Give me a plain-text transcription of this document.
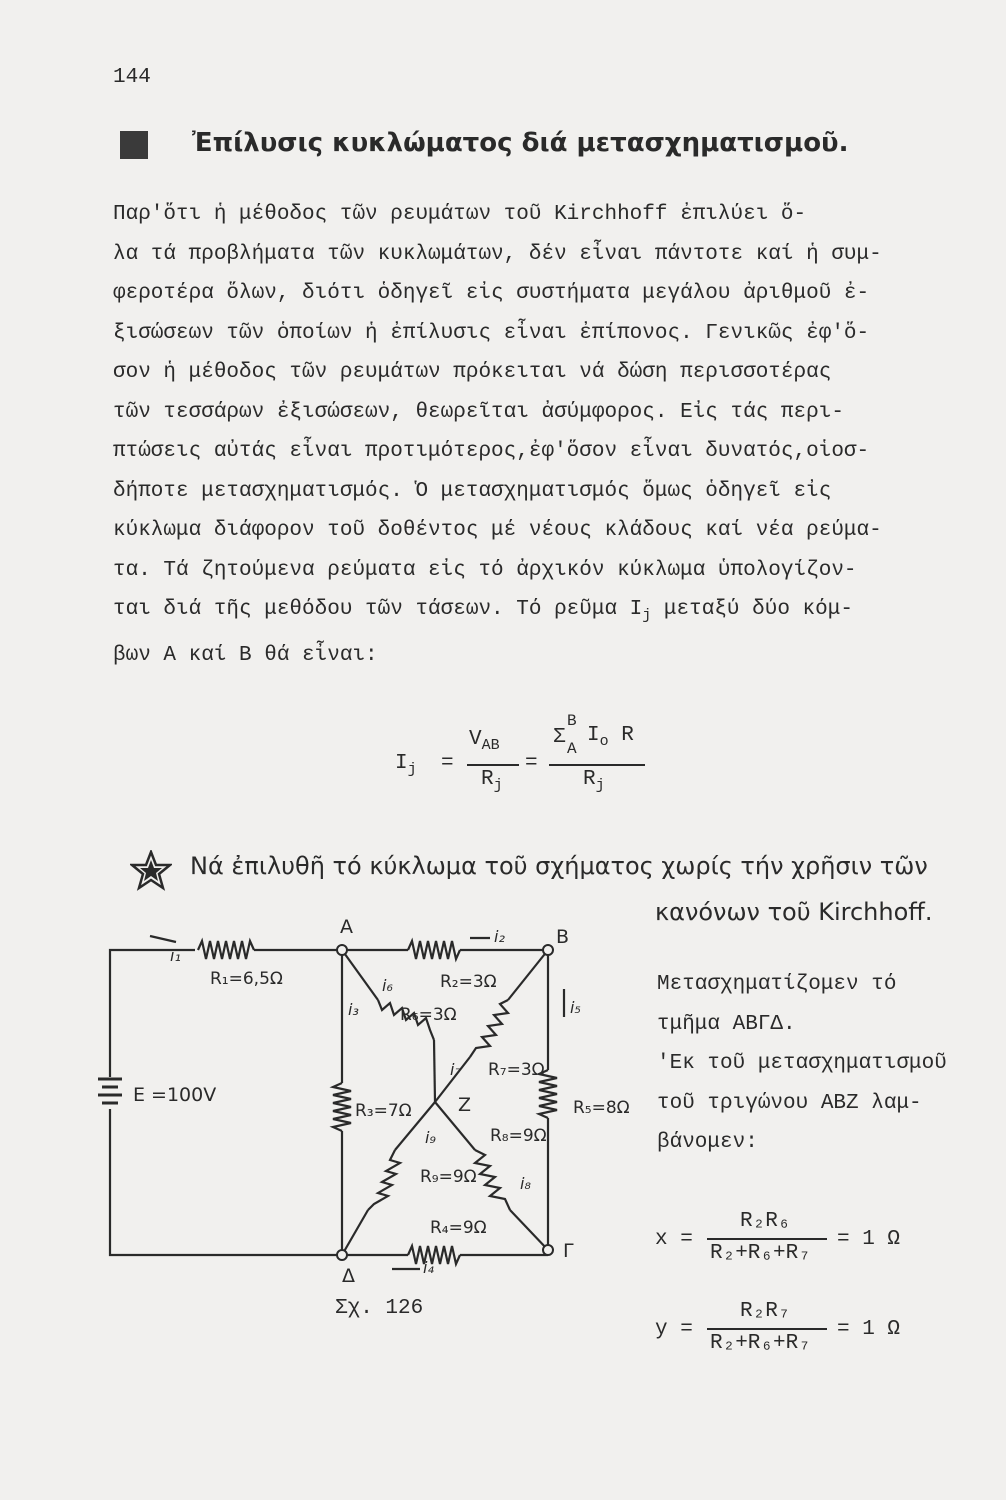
144
Ἐπίλυσις κυκλώματος διά μετασχηματισμοῦ.

Παρ'ὅτι ἡ μέθοδος τῶν ρευμάτων τοῦ Kirchhoff ἐπιλύει ὅ-
λα τά προβλήματα τῶν κυκλωμάτων, δέν εἶναι πάντοτε καί ἡ συμ-
φεροτέρα ὅλων, διότι ὁδηγεῖ εἰς συστήματα μεγάλου ἀριθμοῦ ἐ-
ξισώσεων τῶν ὁποίων ἡ ἐπίλυσις εἶναι ἐπίπονος. Γενικῶς ἐφ'ὅ-
σον ἡ μέθοδος τῶν ρευμάτων πρόκειται νά δώση περισσοτέρας
τῶν τεσσάρων ἐξισώσεων, θεωρεῖται ἀσύμφορος. Εἰς τάς περι-
πτώσεις αὐτάς εἶναι προτιμότερος,ἐφ'ὅσον εἶναι δυνατός,οἱοσ-
δήποτε μετασχηματισμός. Ὁ μετασχηματισμός ὅμως ὁδηγεῖ εἰς
κύκλωμα διάφορον τοῦ δοθέντος μέ νέους κλάδους καί νέα ρεύμα-
τα. Τά ζητούμενα ρεύματα εἰς τό ἀρχικόν κύκλωμα ὑπολογίζον-
ται διά τῆς μεθόδου τῶν τάσεων. Τό ρεῦμα $I_j$ μεταξύ δύο κόμ-
βων Α καί Β θά εἶναι:

$I_j$ =
$V_{AB}$
$R_j$
=
Σ
B
A
$I_o$ R
$R_j$
Νά ἐπιλυθῆ τό κύκλωμα τοῦ σχήματος χωρίς τήν χρῆσιν τῶν
κανόνων τοῦ Kirchhoff.
A	B
Γ
Δ
Z
E =100V
R₁=6,5Ω	R₂=3Ω
R₃=7Ω
R₄=9Ω
R₅=8Ω
R₆=3Ω
R₇=3Ω
R₈=9Ω
R₉=9Ω
i₁
i₂
i₃
i₄
i₅
i₆
i₇
i₈
i₉
Σχ. 126

Μετασχηματίζομεν τό
τμῆμα ΑΒΓΔ.
'Εκ τοῦ μετασχηματισμοῦ
τοῦ τριγώνου ΑΒΖ λαμ-
βάνομεν:

x =
R₂R₆
R₂+R₆+R₇
= 1 Ω
y =
R₂R₇
R₂+R₆+R₇
= 1 Ω
